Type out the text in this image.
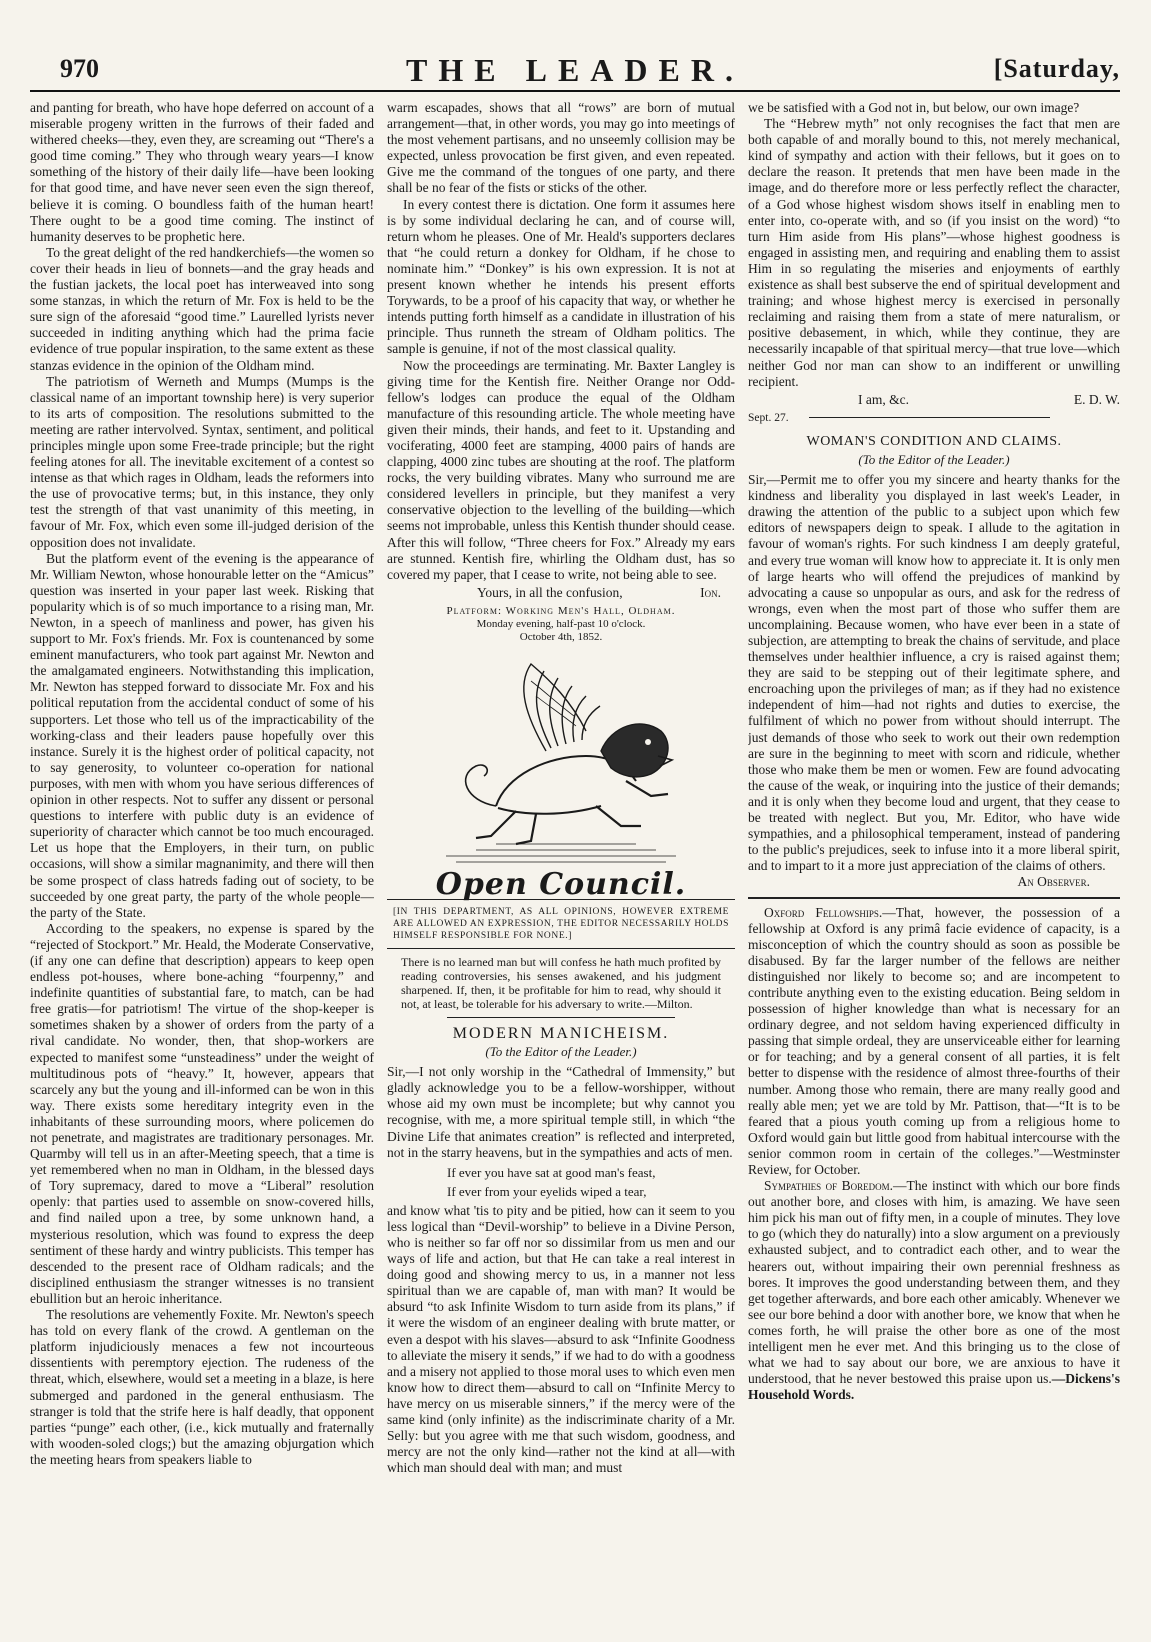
970	THE LEADER.	[Saturday,

and panting for breath, who have hope deferred on account of a miserable progeny written in the furrows of their faded and withered cheeks—they, even they, are screaming out “There's a good time coming.” They who through weary years—I know something of the history of their daily life—have been looking for that good time, and have never seen even the sign thereof, believe it is coming. O boundless faith of the human heart! There ought to be a good time coming. The instinct of humanity deserves to be prophetic here.

To the great delight of the red handkerchiefs—the women so cover their heads in lieu of bonnets—and the gray heads and the fustian jackets, the local poet has interweaved into song some stanzas, in which the return of Mr. Fox is held to be the sure sign of the aforesaid “good time.” Laurelled lyrists never succeeded in inditing anything which had the prima facie evidence of true popular inspiration, to the same extent as these stanzas evidence in the opinion of the Oldham mind.

The patriotism of Werneth and Mumps (Mumps is the classical name of an important township here) is very superior to its arts of composition. The resolutions submitted to the meeting are rather intervolved. Syntax, sentiment, and political principles mingle upon some Free-trade principle; but the right feeling atones for all. The inevitable excitement of a contest so intense as that which rages in Oldham, leads the reformers into the use of provocative terms; but, in this instance, they only test the strength of that vast unanimity of this meeting, in favour of Mr. Fox, which even some ill-judged derision of the opposition does not invalidate.

But the platform event of the evening is the appearance of Mr. William Newton, whose honourable letter on the “Amicus” question was inserted in your paper last week. Risking that popularity which is of so much importance to a rising man, Mr. Newton, in a speech of manliness and power, has given his support to Mr. Fox's friends. Mr. Fox is countenanced by some eminent manufacturers, who took part against Mr. Newton and the amalgamated engineers. Notwithstanding this implication, Mr. Newton has stepped forward to dissociate Mr. Fox and his political reputation from the accidental conduct of some of his supporters. Let those who tell us of the impracticability of the working-class and their leaders pause hopefully over this instance. Surely it is the highest order of political capacity, not to say generosity, to volunteer co-operation for national purposes, with men with whom you have serious differences of opinion in other respects. Not to suffer any dissent or personal questions to interfere with public duty is an evidence of superiority of character which cannot be too much encouraged. Let us hope that the Employers, in their turn, on public occasions, will show a similar magnanimity, and there will then be some prospect of class hatreds fading out of society, to be succeeded by one great party, the party of the whole people—the party of the State.

According to the speakers, no expense is spared by the “rejected of Stockport.” Mr. Heald, the Moderate Conservative, (if any one can define that description) appears to keep open endless pot-houses, where bone-aching “fourpenny,” and indefinite quantities of substantial fare, to match, can be had free gratis—for patriotism! The virtue of the shop-keeper is sometimes shaken by a shower of orders from the party of a rival candidate. No wonder, then, that shop-workers are expected to manifest some “unsteadiness” under the weight of multitudinous pots of “heavy.” It, however, appears that scarcely any but the young and ill-informed can be won in this way. There exists some hereditary integrity even in the inhabitants of these surrounding moors, where policemen do not penetrate, and magistrates are traditionary personages. Mr. Quarmby will tell us in an after-Meeting speech, that a time is yet remembered when no man in Oldham, in the blessed days of Tory supremacy, dared to move a “Liberal” resolution openly: that parties used to assemble on snow-covered hills, and find nailed upon a tree, by some unknown hand, a mysterious resolution, which was found to express the deep sentiment of these hardy and wintry publicists. This temper has descended to the present race of Oldham radicals; and the disciplined enthusiasm the stranger witnesses is no transient ebullition but an heroic inheritance.

The resolutions are vehemently Foxite. Mr. Newton's speech has told on every flank of the crowd. A gentleman on the platform injudiciously menaces a few not incourteous dissentients with peremptory ejection. The rudeness of the threat, which, elsewhere, would set a meeting in a blaze, is here submerged and pardoned in the general enthusiasm. The stranger is told that the strife here is half deadly, that opponent parties “punge” each other, (i.e., kick mutually and fraternally with wooden-soled clogs;) but the amazing objurgation which the meeting hears from speakers liable to

warm escapades, shows that all “rows” are born of mutual arrangement—that, in other words, you may go into meetings of the most vehement partisans, and no unseemly collision may be expected, unless provocation be first given, and even repeated. Give me the command of the tongues of one party, and there shall be no fear of the fists or sticks of the other.

In every contest there is dictation. One form it assumes here is by some individual declaring he can, and of course will, return whom he pleases. One of Mr. Heald's supporters declares that “he could return a donkey for Oldham, if he chose to nominate him.” “Donkey” is his own expression. It is not at present known whether he intends his present efforts Torywards, to be a proof of his capacity that way, or whether he intends putting forth himself as a candidate in illustration of his principle. Thus runneth the stream of Oldham politics. The sample is genuine, if not of the most classical quality.

Now the proceedings are terminating. Mr. Baxter Langley is giving time for the Kentish fire. Neither Orange nor Odd-fellow's lodges can produce the equal of the Oldham manufacture of this resounding article. The whole meeting have given their minds, their hands, and feet to it. Upstanding and vociferating, 4000 feet are stamping, 4000 pairs of hands are clapping, 4000 zinc tubes are shouting at the roof. The platform rocks, the very building vibrates. Many who surround me are considered levellers in principle, but they manifest a very conservative objection to the levelling of the building—which seems not improbable, unless this Kentish thunder should cease. After this will follow, “Three cheers for Fox.” Already my ears are stunned. Kentish fire, whirling the Oldham dust, has so covered my paper, that I cease to write, not being able to see.

Yours, in all the confusion,	Ion.
Platform: Working Men's Hall, Oldham.
Monday evening, half-past 10 o'clock.
October 4th, 1852.
Open Council.
[IN THIS DEPARTMENT, AS ALL OPINIONS, HOWEVER EXTREME ARE ALLOWED AN EXPRESSION, THE EDITOR NECESSARILY HOLDS HIMSELF RESPONSIBLE FOR NONE.]
There is no learned man but will confess he hath much profited by reading controversies, his senses awakened, and his judgment sharpened. If, then, it be profitable for him to read, why should it not, at least, be tolerable for his adversary to write.—Milton.
MODERN MANICHEISM.
(To the Editor of the Leader.)

Sir,—I not only worship in the “Cathedral of Immensity,” but gladly acknowledge you to be a fellow-worshipper, without whose aid my own must be incomplete; but why cannot you recognise, with me, a more spiritual temple still, in which “the Divine Life that animates creation” is reflected and interpreted, not in the starry heavens, but in the sympathies and acts of men.

If ever you have sat at good man's feast,
If ever from your eyelids wiped a tear,

and know what 'tis to pity and be pitied, how can it seem to you less logical than “Devil-worship” to believe in a Divine Person, who is neither so far off nor so dissimilar from us men and our ways of life and action, but that He can take a real interest in doing good and showing mercy to us, in a manner not less spiritual than we are capable of, man with man? It would be absurd “to ask Infinite Wisdom to turn aside from its plans,” if it were the wisdom of an engineer dealing with brute matter, or even a despot with his slaves—absurd to ask “Infinite Goodness to alleviate the misery it sends,” if we had to do with a goodness and a misery not applied to those moral uses to which even men know how to direct them—absurd to call on “Infinite Mercy to have mercy on us miserable sinners,” if the mercy were of the same kind (only infinite) as the indiscriminate charity of a Mr. Selly: but you agree with me that such wisdom, goodness, and mercy are not the only kind—rather not the kind at all—with which man should deal with man; and must

we be satisfied with a God not in, but below, our own image?

The “Hebrew myth” not only recognises the fact that men are both capable of and morally bound to this, not merely mechanical, kind of sympathy and action with their fellows, but it goes on to declare the reason. It pretends that men have been made in the image, and do therefore more or less perfectly reflect the character, of a God whose highest wisdom shows itself in enabling men to enter into, co-operate with, and so (if you insist on the word) “to turn Him aside from His plans”—whose highest goodness is engaged in assisting men, and requiring and enabling them to assist Him in so regulating the miseries and enjoyments of earthly existence as shall best subserve the end of spiritual development and training; and whose highest mercy is exercised in personally reclaiming and raising them from a state of mere naturalism, or positive debasement, in which, while they continue, they are necessarily incapable of that spiritual mercy—that true love—which neither God nor man can show to an indifferent or unwilling recipient.

I am, &c.	E. D. W.
Sept. 27.
WOMAN'S CONDITION AND CLAIMS.
(To the Editor of the Leader.)

Sir,—Permit me to offer you my sincere and hearty thanks for the kindness and liberality you displayed in last week's Leader, in drawing the attention of the public to a subject upon which few editors of newspapers deign to speak. I allude to the agitation in favour of woman's rights. For such kindness I am deeply grateful, and every true woman will know how to appreciate it. It is only men of large hearts who will offend the prejudices of mankind by advocating a cause so unpopular as ours, and ask for the redress of wrongs, even when the most part of those who suffer them are uncomplaining. Because women, who have ever been in a state of subjection, are attempting to break the chains of servitude, and place themselves under healthier influence, a cry is raised against them; they are said to be stepping out of their legitimate sphere, and encroaching upon the privileges of man; as if they had no existence independent of him—had not rights and duties to exercise, the fulfilment of which no power from without should interrupt. The just demands of those who seek to work out their own redemption are sure in the beginning to meet with scorn and ridicule, whether those who make them be men or women. Few are found advocating the cause of the weak, or inquiring into the justice of their demands; and it is only when they become loud and urgent, that they cease to be treated with neglect. But you, Mr. Editor, who have wide sympathies, and a philosophical temperament, instead of pandering to the public's prejudices, seek to infuse into it a more liberal spirit, and to impart to it a more just appreciation of the claims of others.

An Observer.

Oxford Fellowships.—That, however, the possession of a fellowship at Oxford is any primâ facie evidence of capacity, is a misconception of which the country should as soon as possible be disabused. By far the larger number of the fellows are neither distinguished nor likely to become so; and are incompetent to contribute anything even to the existing education. Being seldom in possession of higher knowledge than what is necessary for an ordinary degree, and not seldom having experienced difficulty in passing that simple ordeal, they are unserviceable either for learning or for teaching; and by a general consent of all parties, it is felt better to dispense with the residence of almost three-fourths of their number. Among those who remain, there are many really good and really able men; yet we are told by Mr. Pattison, that—“It is to be feared that a pious youth coming up from a religious home to Oxford would gain but little good from habitual intercourse with the senior common room in certain of the colleges.”—Westminster Review, for October.

Sympathies of Boredom.—The instinct with which our bore finds out another bore, and closes with him, is amazing. We have seen him pick his man out of fifty men, in a couple of minutes. They love to go (which they do naturally) into a slow argument on a previously exhausted subject, and to contradict each other, and to wear the hearers out, without impairing their own perennial freshness as bores. It improves the good understanding between them, and they get together afterwards, and bore each other amicably. Whenever we see our bore behind a door with another bore, we know that when he comes forth, he will praise the other bore as one of the most intelligent men he ever met. And this bringing us to the close of what we had to say about our bore, we are anxious to have it understood, that he never bestowed this praise upon us.—Dickens's Household Words.
